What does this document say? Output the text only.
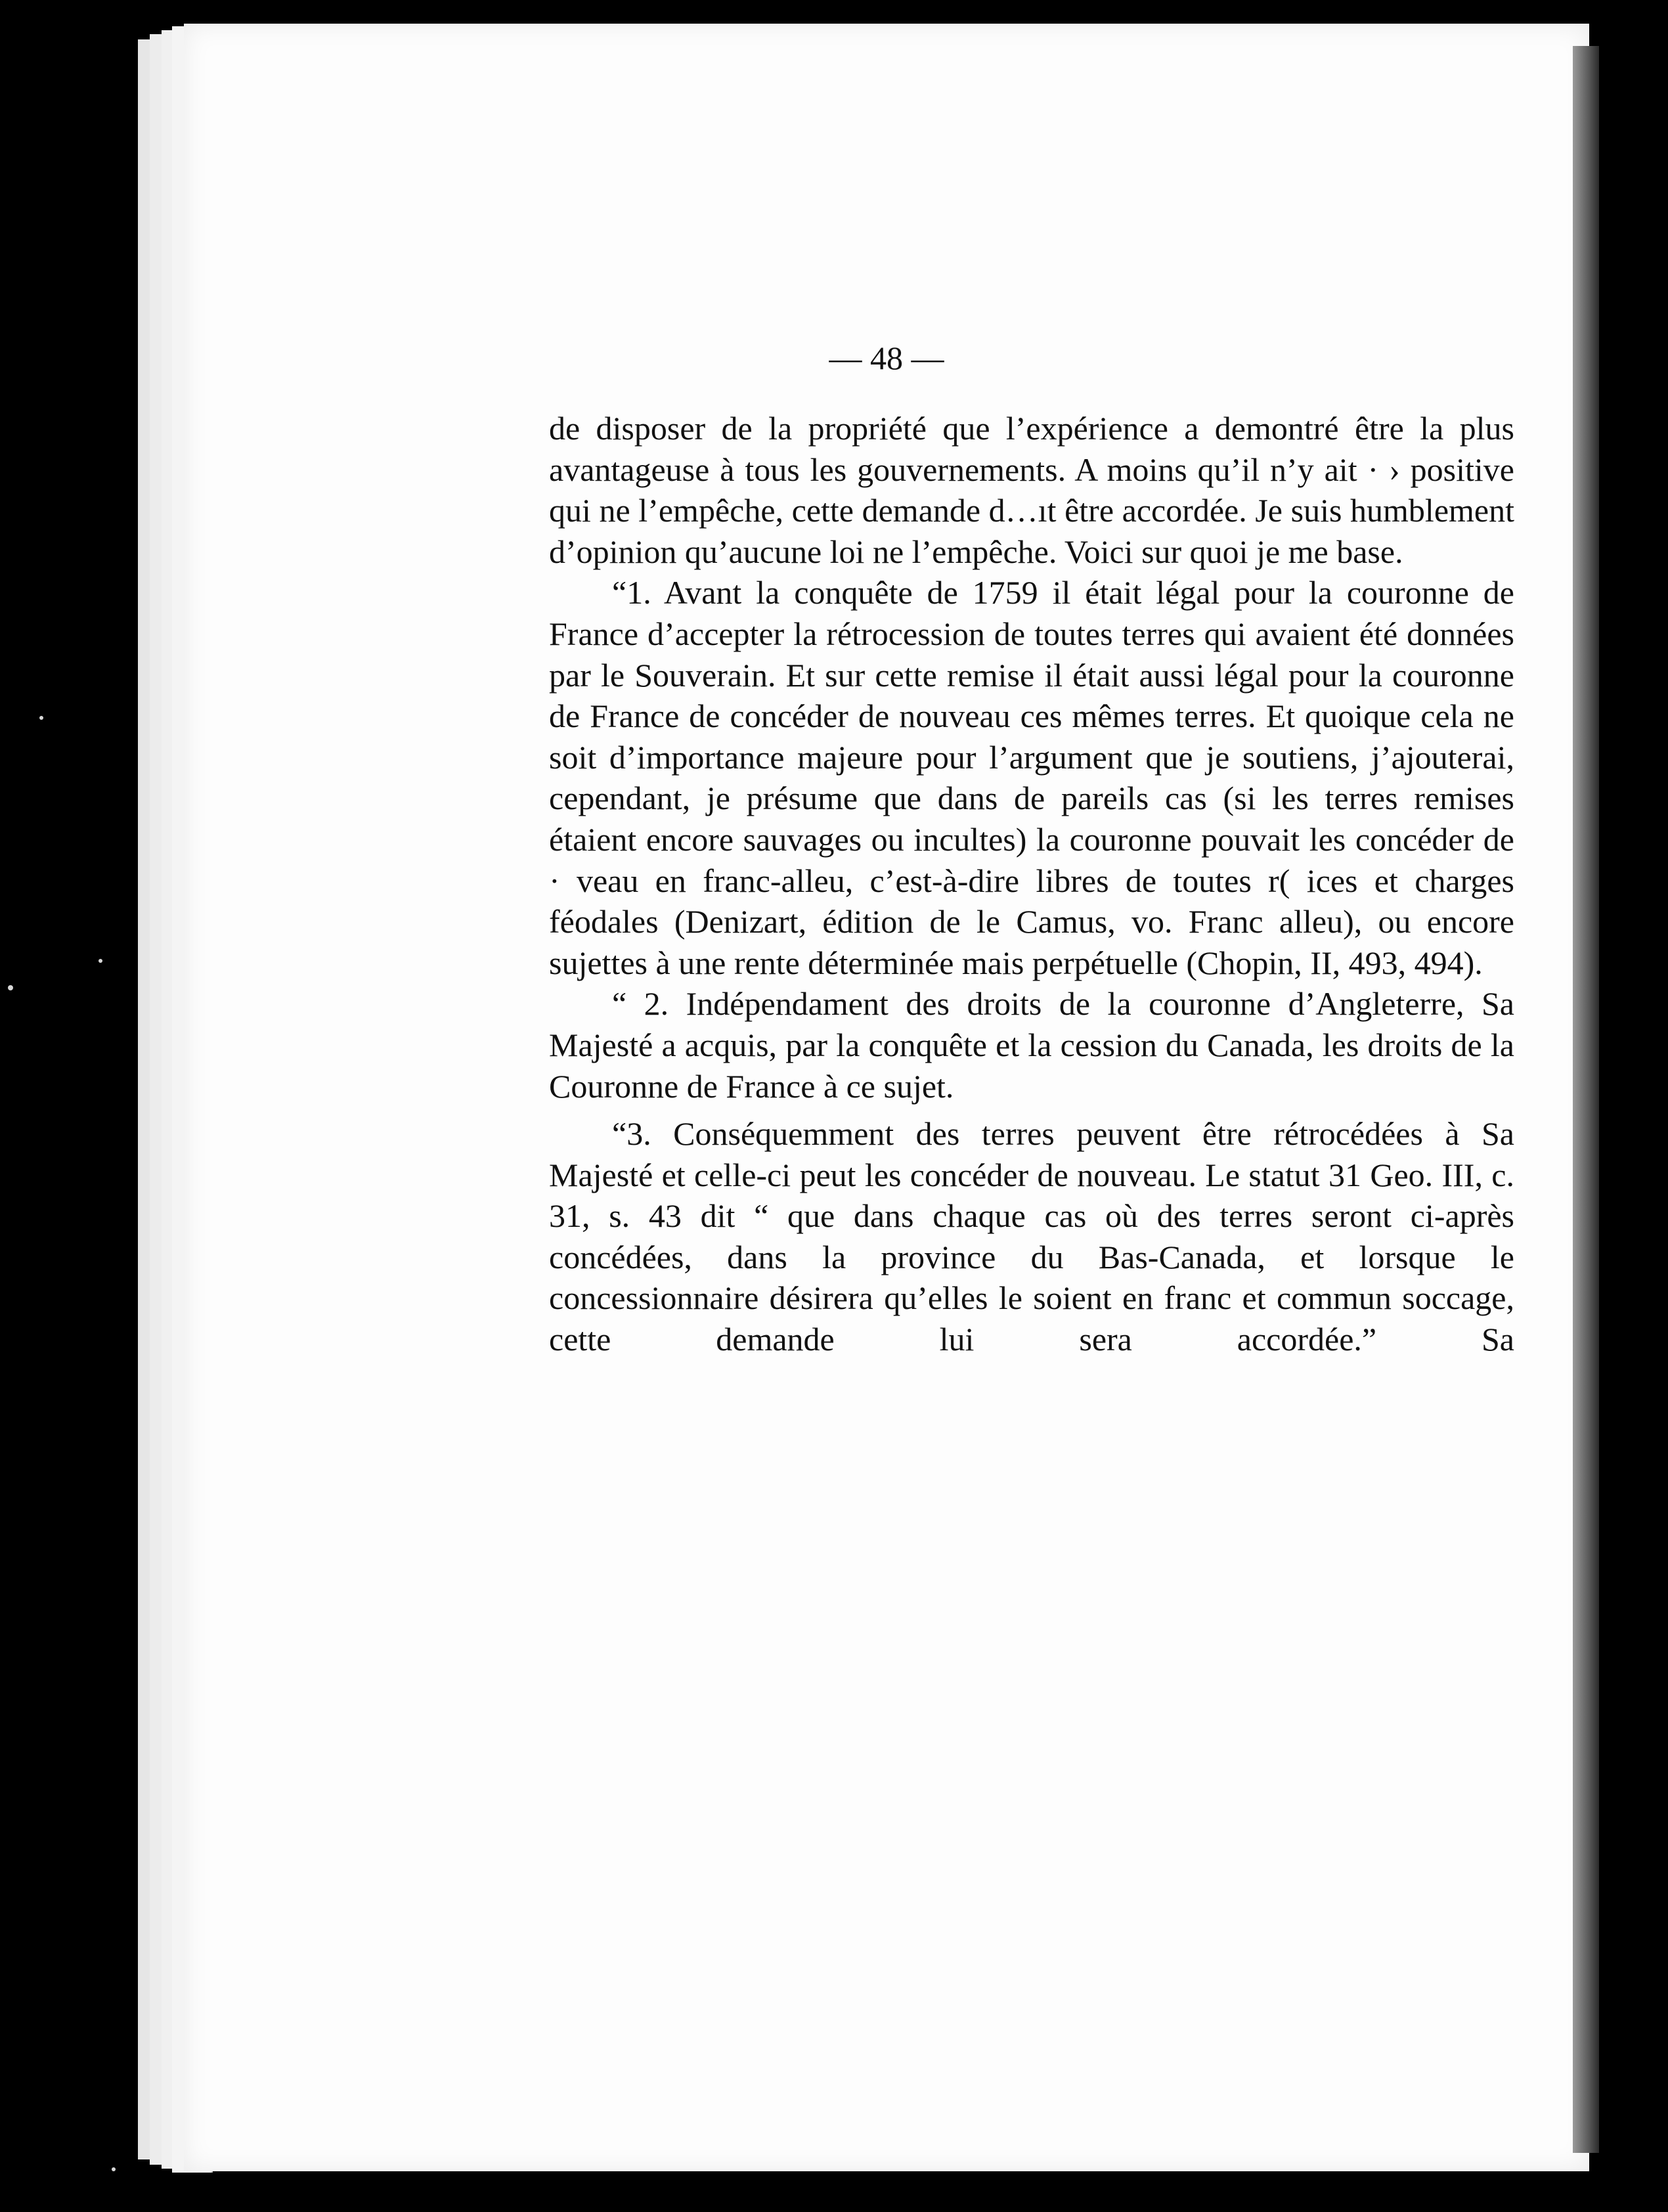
— 48 —

de disposer de la propriété que l’expérience a demontré être la plus avantageuse à tous les gouvernements. A moins qu’il n’y ait · › positive qui ne l’empêche, cette demande d…ıt être accordée. Je suis humblement d’opinion qu’aucune loi ne l’empêche. Voici sur quoi je me base.

“1. Avant la conquête de 1759 il était légal pour la couronne de France d’accepter la rétrocession de toutes terres qui avaient été données par le Souverain. Et sur cette remise il était aussi légal pour la couronne de France de concéder de nouveau ces mêmes terres. Et quoique cela ne soit d’importance majeure pour l’argument que je soutiens, j’ajouterai, cependant, je présume que dans de pareils cas (si les terres remises étaient encore sauvages ou incultes) la couronne pouvait les concéder de · veau en franc-alleu, c’est-à-dire libres de toutes r( ices et charges féodales (Denizart, édition de le Camus, vo. Franc alleu), ou encore sujettes à une rente déterminée mais perpétuelle (Chopin, II, 493, 494).

“ 2. Indépendament des droits de la couronne d’Angleterre, Sa Majesté a acquis, par la conquête et la cession du Canada, les droits de la Couronne de France à ce sujet.

“3. Conséquemment des terres peuvent être rétrocédées à Sa Majesté et celle-ci peut les concéder de nouveau. Le statut 31 Geo. III, c. 31, s. 43 dit “ que dans chaque cas où des terres seront ci-après concédées, dans la province du Bas-Canada, et lorsque le concessionnaire désirera qu’elles le soient en franc et commun soccage, cette demande lui sera accordée.” Sa
